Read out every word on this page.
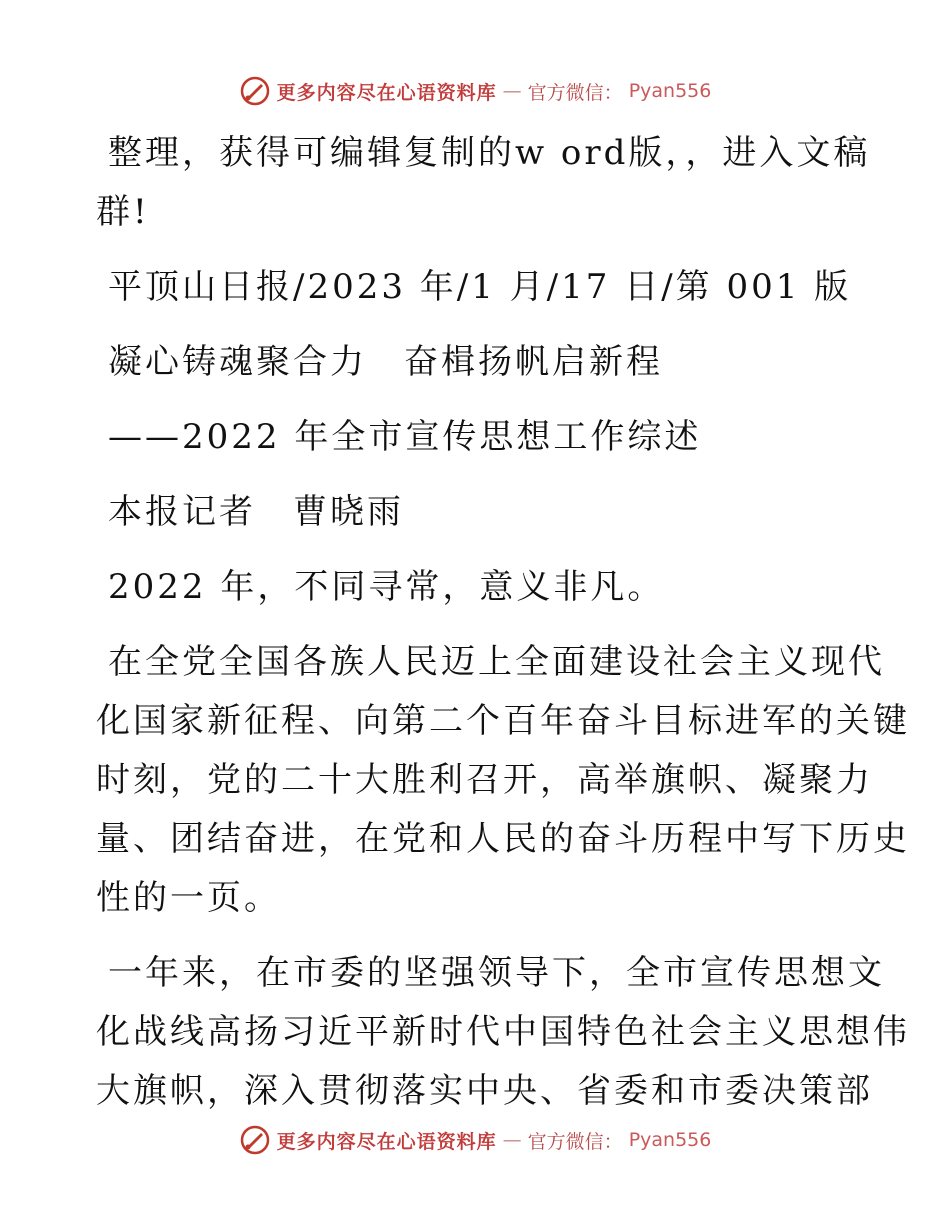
更多内容尽在心语资料库 — 官方微信： Pyan556
整理，获得可编辑复制的w ord版，，进入文稿
群!
平顶山日报/2023 年/1 月/17 日/第 001 版
凝心铸魂聚合力　奋楫扬帆启新程
——2022 年全市宣传思想工作综述
本报记者　曹晓雨
2022 年，不同寻常，意义非凡。
在全党全国各族人民迈上全面建设社会主义现代
化国家新征程、向第二个百年奋斗目标进军的关键
时刻，党的二十大胜利召开，高举旗帜、凝聚力
量、团结奋进，在党和人民的奋斗历程中写下历史
性的一页。
一年来，在市委的坚强领导下，全市宣传思想文
化战线高扬习近平新时代中国特色社会主义思想伟
大旗帜，深入贯彻落实中央、省委和市委决策部
更多内容尽在心语资料库 — 官方微信： Pyan556
